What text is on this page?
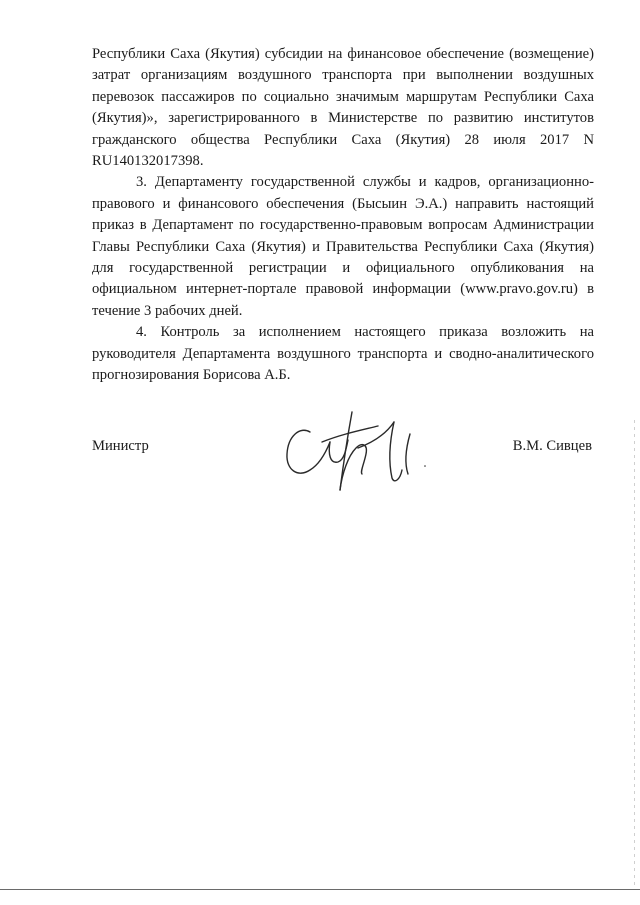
Республики Саха (Якутия) субсидии на финансовое обеспечение (возмещение) затрат организациям воздушного транспорта при выполнении воздушных перевозок пассажиров по социально значимым маршрутам Республики Саха (Якутия)», зарегистрированного в Министерстве по развитию институтов гражданского общества Республики Саха (Якутия) 28 июля 2017 N RU140132017398.

3. Департаменту государственной службы и кадров, организационно-правового и финансового обеспечения (Бысыин Э.А.) направить настоящий приказ в Департамент по государственно-правовым вопросам Администрации Главы Республики Саха (Якутия) и Правительства Республики Саха (Якутия) для государственной регистрации и официального опубликования на официальном интернет-портале правовой информации (www.pravo.gov.ru) в течение 3 рабочих дней.

4. Контроль за исполнением настоящего приказа возложить на руководителя Департамента воздушного транспорта и сводно-аналитического прогнозирования Борисова А.Б.

Министр	В.М. Сивцев
